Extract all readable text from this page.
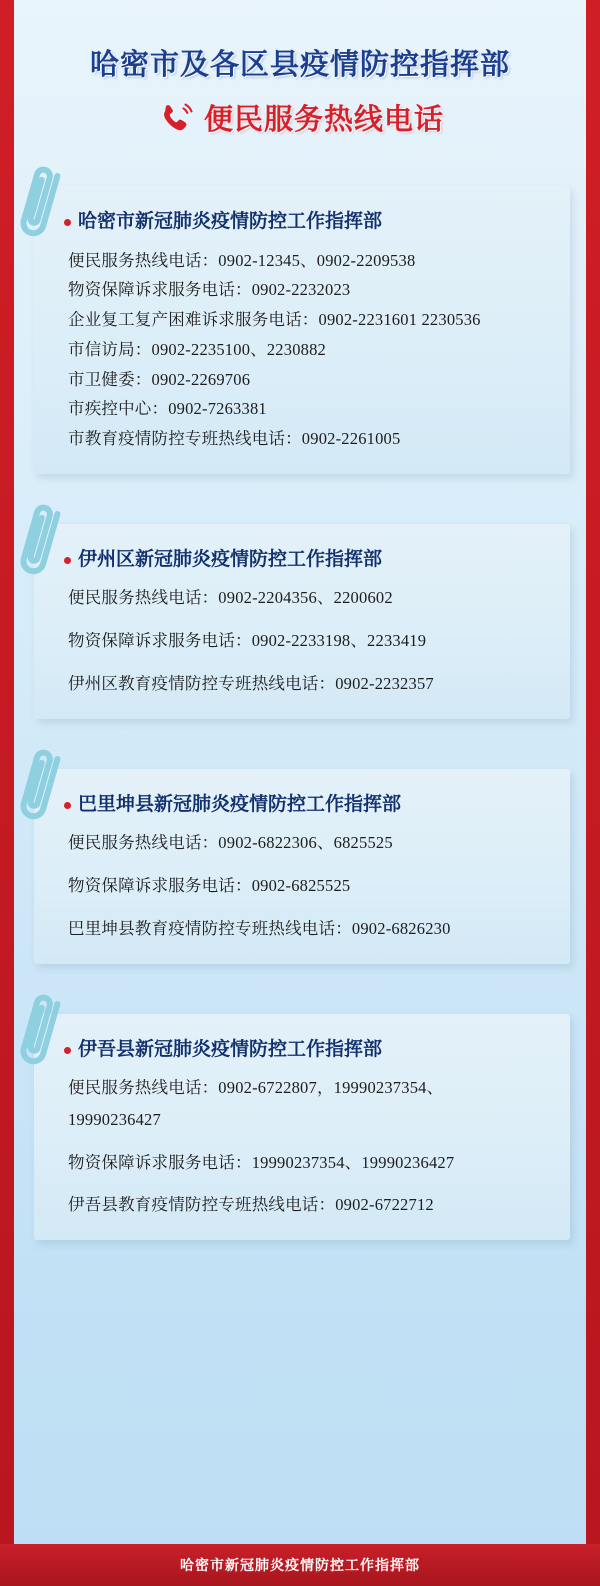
哈密市及各区县疫情防控指挥部
便民服务热线电话
哈密市新冠肺炎疫情防控工作指挥部

便民服务热线电话：0902-12345、0902-2209538

物资保障诉求服务电话：0902-2232023

企业复工复产困难诉求服务电话：0902-2231601 2230536

市信访局：0902-2235100、2230882

市卫健委：0902-2269706

市疾控中心：0902-7263381

市教育疫情防控专班热线电话：0902-2261005

伊州区新冠肺炎疫情防控工作指挥部

便民服务热线电话：0902-2204356、2200602

物资保障诉求服务电话：0902-2233198、2233419

伊州区教育疫情防控专班热线电话：0902-2232357

巴里坤县新冠肺炎疫情防控工作指挥部

便民服务热线电话：0902-6822306、6825525

物资保障诉求服务电话：0902-6825525

巴里坤县教育疫情防控专班热线电话：0902-6826230

伊吾县新冠肺炎疫情防控工作指挥部

便民服务热线电话：0902-6722807，19990237354、

19990236427

物资保障诉求服务电话：19990237354、19990236427

伊吾县教育疫情防控专班热线电话：0902-6722712

哈密市新冠肺炎疫情防控工作指挥部
